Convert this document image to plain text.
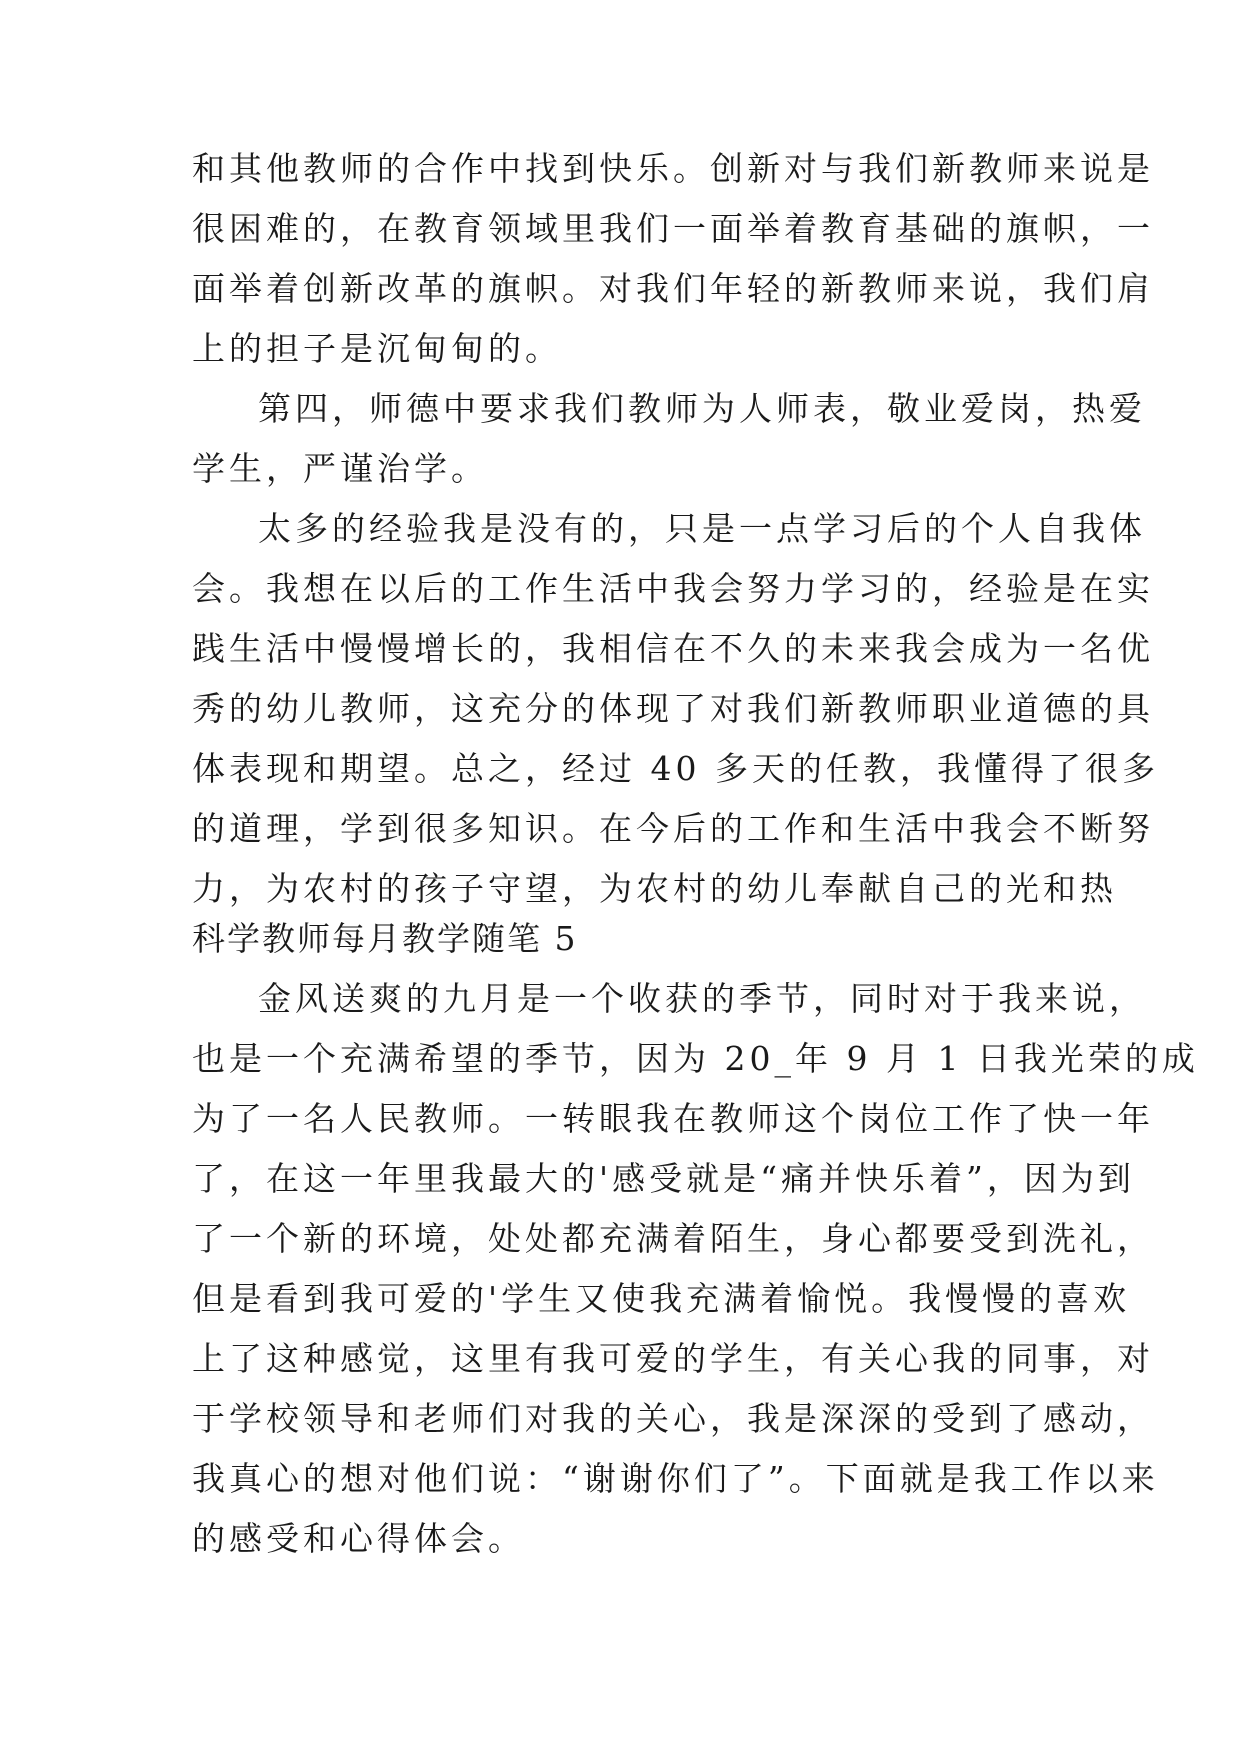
和其他教师的合作中找到快乐。创新对与我们新教师来说是
很困难的，在教育领域里我们一面举着教育基础的旗帜，一
面举着创新改革的旗帜。对我们年轻的新教师来说，我们肩
上的担子是沉甸甸的。
第四，师德中要求我们教师为人师表，敬业爱岗，热爱
学生，严谨治学。
太多的经验我是没有的，只是一点学习后的个人自我体
会。我想在以后的工作生活中我会努力学习的，经验是在实
践生活中慢慢增长的，我相信在不久的未来我会成为一名优
秀的幼儿教师，这充分的体现了对我们新教师职业道德的具
体表现和期望。总之，经过 40 多天的任教，我懂得了很多
的道理，学到很多知识。在今后的工作和生活中我会不断努
力，为农村的孩子守望，为农村的幼儿奉献自己的光和热
科学教师每月教学随笔 5
金风送爽的九月是一个收获的季节，同时对于我来说，
也是一个充满希望的季节，因为 20_年 9 月 1 日我光荣的成
为了一名人民教师。一转眼我在教师这个岗位工作了快一年
了，在这一年里我最大的'感受就是“痛并快乐着”，因为到
了一个新的环境，处处都充满着陌生，身心都要受到洗礼，
但是看到我可爱的'学生又使我充满着愉悦。我慢慢的喜欢
上了这种感觉，这里有我可爱的学生，有关心我的同事，对
于学校领导和老师们对我的关心，我是深深的受到了感动，
我真心的想对他们说：“谢谢你们了”。下面就是我工作以来
的感受和心得体会。
